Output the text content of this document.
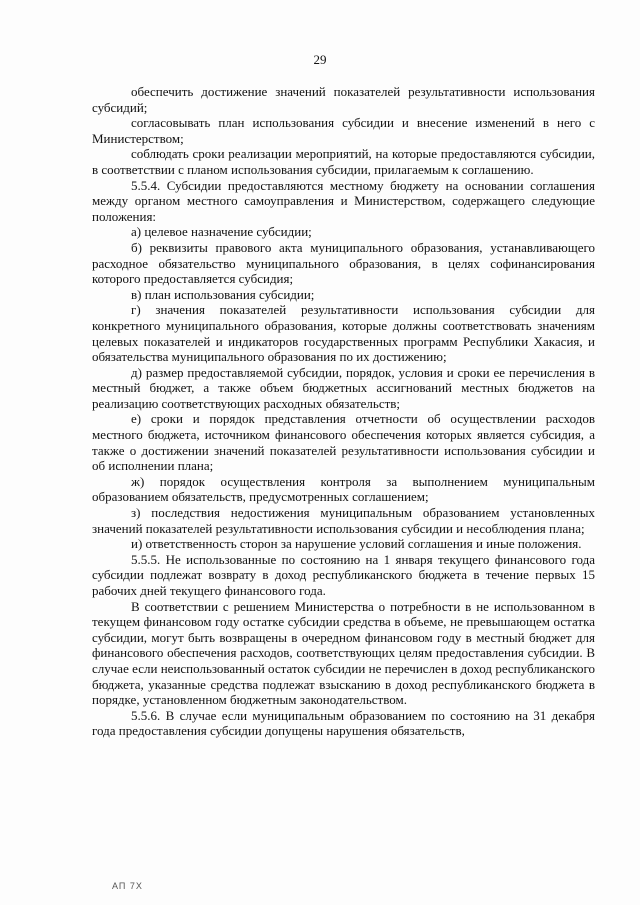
29

обеспечить достижение значений показателей результативности использования субсидий;

согласовывать план использования субсидии и внесение изменений в него с Министерством;

соблюдать сроки реализации мероприятий, на которые предоставляются субсидии, в соответствии с планом использования субсидии, прилагаемым к соглашению.

5.5.4. Субсидии предоставляются местному бюджету на основании соглашения между органом местного самоуправления и Министерством, содержащего следующие положения:

а) целевое назначение субсидии;

б) реквизиты правового акта муниципального образования, устанавливающего расходное обязательство муниципального образования, в целях софинансирования которого предоставляется субсидия;

в) план использования субсидии;

г) значения показателей результативности использования субсидии для конкретного муниципального образования, которые должны соответствовать значениям целевых показателей и индикаторов государственных программ Республики Хакасия, и обязательства муниципального образования по их достижению;

д) размер предоставляемой субсидии, порядок, условия и сроки ее перечисления в местный бюджет, а также объем бюджетных ассигнований местных бюджетов на реализацию соответствующих расходных обязательств;

е) сроки и порядок представления отчетности об осуществлении расходов местного бюджета, источником финансового обеспечения которых является субсидия, а также о достижении значений показателей результативности использования субсидии и об исполнении плана;

ж) порядок осуществления контроля за выполнением муниципальным образованием обязательств, предусмотренных соглашением;

з) последствия недостижения муниципальным образованием установленных значений показателей результативности использования субсидии и несоблюдения плана;

и) ответственность сторон за нарушение условий соглашения и иные положения.

5.5.5. Не использованные по состоянию на 1 января текущего финансового года субсидии подлежат возврату в доход республиканского бюджета в течение первых 15 рабочих дней текущего финансового года.

В соответствии с решением Министерства о потребности в не использованном в текущем финансовом году остатке субсидии средства в объеме, не превышающем остатка субсидии, могут быть возвращены в очередном финансовом году в местный бюджет для финансового обеспечения расходов, соответствующих целям предоставления субсидии. В случае если неиспользованный остаток субсидии не перечислен в доход республиканского бюджета, указанные средства подлежат взысканию в доход республиканского бюджета в порядке, установленном бюджетным законодательством.

5.5.6. В случае если муниципальным образованием по состоянию на 31 декабря года предоставления субсидии допущены нарушения обязательств,

АП 7Х
